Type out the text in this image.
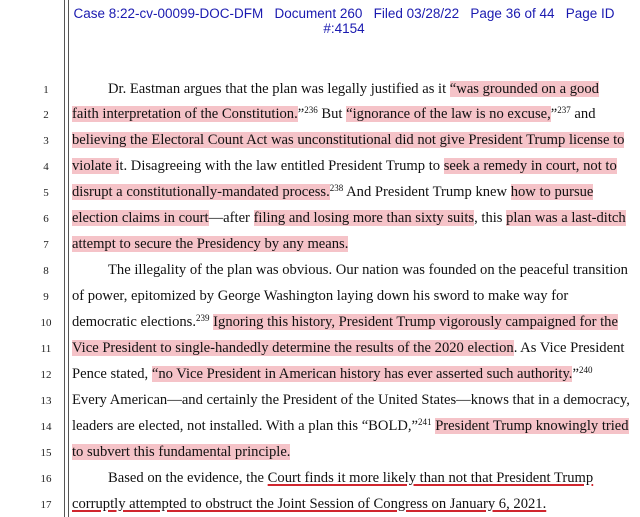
Case 8:22-cv-00099-DOC-DFM   Document 260   Filed 03/28/22   Page 36 of 44   Page ID
#:4154
1
2
3
4
5
6
7
8
9
10
11
12
13
14
15
16
17
Dr. Eastman argues that the plan was legally justified as it “was grounded on a good
faith interpretation of the Constitution.”$^{236}$ But “ignorance of the law is no excuse,”$^{237}$ and
believing the Electoral Count Act was unconstitutional did not give President Trump license to
violate it. Disagreeing with the law entitled President Trump to seek a remedy in court, not to
disrupt a constitutionally-mandated process.$^{238}$ And President Trump knew how to pursue
election claims in court—after filing and losing more than sixty suits, this plan was a last-ditch
attempt to secure the Presidency by any means.
The illegality of the plan was obvious. Our nation was founded on the peaceful transition
of power, epitomized by George Washington laying down his sword to make way for
democratic elections.$^{239}$ Ignoring this history, President Trump vigorously campaigned for the
Vice President to single-handedly determine the results of the 2020 election. As Vice President
Pence stated, “no Vice President in American history has ever asserted such authority.”$^{240}$
Every American—and certainly the President of the United States—knows that in a democracy,
leaders are elected, not installed. With a plan this “BOLD,”$^{241}$ President Trump knowingly tried
to subvert this fundamental principle.
Based on the evidence, the Court finds it more likely than not that President Trump
corruptly attempted to obstruct the Joint Session of Congress on January 6, 2021.
